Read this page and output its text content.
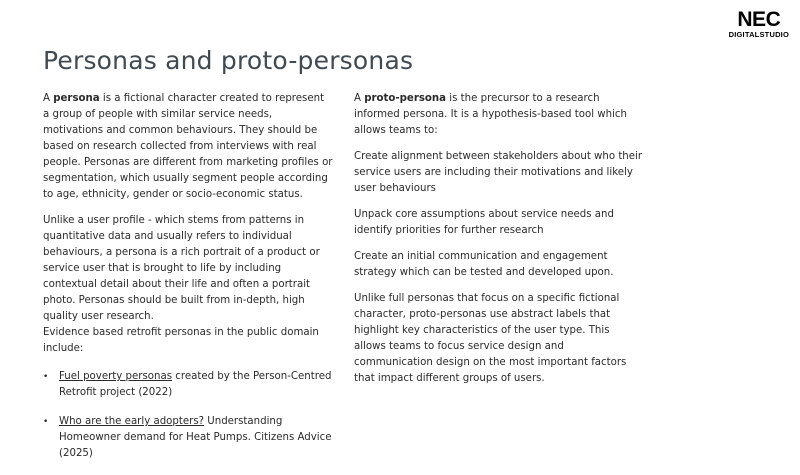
NEC
DIGITALSTUDIO
Personas and proto-personas

A persona is a fictional character created to represent a group of people with similar service needs, motivations and common behaviours. They should be based on research collected from interviews with real people. Personas are different from marketing profiles or segmentation, which usually segment people according to age, ethnicity, gender or socio-economic status.

Unlike a user profile - which stems from patterns in quantitative data and usually refers to individual behaviours, a persona is a rich portrait of a product or service user that is brought to life by including contextual detail about their life and often a portrait photo. Personas should be built from in-depth, high quality user research.

Evidence based retrofit personas in the public domain include:

• Fuel poverty personas created by the Person-Centred Retrofit project (2022)
• Who are the early adopters? Understanding Homeowner demand for Heat Pumps. Citizens Advice (2025)

A proto-persona is the precursor to a research informed persona. It is a hypothesis-based tool which allows teams to:

Create alignment between stakeholders about who their service users are including their motivations and likely user behaviours

Unpack core assumptions about service needs and identify priorities for further research

Create an initial communication and engagement strategy which can be tested and developed upon.

Unlike full personas that focus on a specific fictional character, proto-personas use abstract labels that highlight key characteristics of the user type. This allows teams to focus service design and communication design on the most important factors that impact different groups of users.
